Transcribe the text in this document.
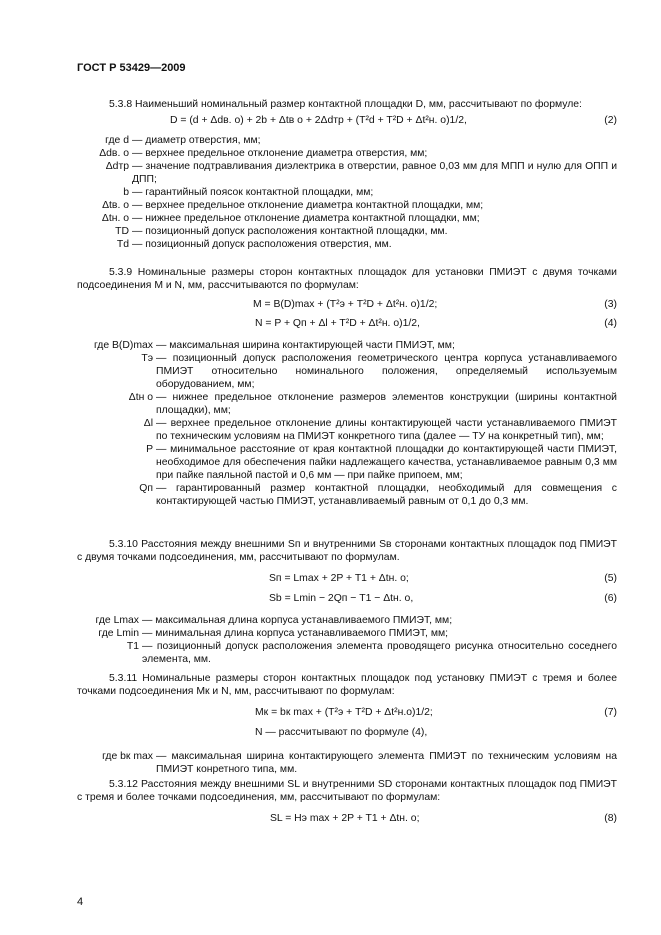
ГОСТ Р 53429—2009
5.3.8 Наименьший номинальный размер контактной площадки D, мм, рассчитывают по формуле:
D = (d + Δdв. о) + 2b + Δtв о + 2Δdтр + (T²d + T²D + Δt²н. о)1/2,	(2)
где d — диаметр отверстия, мм;
Δdв. о — верхнее предельное отклонение диаметра отверстия, мм;
Δdтр — значение подтравливания диэлектрика в отверстии, равное 0,03 мм для МПП и нулю для ОПП и ДПП;
b — гарантийный поясок контактной площадки, мм;
Δtв. о — верхнее предельное отклонение диаметра контактной площадки, мм;
Δtн. о — нижнее предельное отклонение диаметра контактной площадки, мм;
TD — позиционный допуск расположения контактной площадки, мм.
Td — позиционный допуск расположения отверстия, мм.
5.3.9 Номинальные размеры сторон контактных площадок для установки ПМИЭТ с двумя точками подсоединения M и N, мм, рассчитываются по формулам:
M = B(D)max + (T²э + T²D + Δt²н. о)1/2;	(3)
N = P + Qп + Δl + T²D + Δt²н. о)1/2,	(4)
где B(D)max — максимальная ширина контактирующей части ПМИЭТ, мм;
Tэ — позиционный допуск расположения геометрического центра корпуса устанавливаемого ПМИЭТ относительно номинального положения, определяемый используемым оборудованием, мм;
Δtн о — нижнее предельное отклонение размеров элементов конструкции (ширины контактной площадки), мм;
Δl — верхнее предельное отклонение длины контактирующей части устанавливаемого ПМИЭТ по техническим условиям на ПМИЭТ конкретного типа (далее — ТУ на конкретный тип), мм;
P — минимальное расстояние от края контактной площадки до контактирующей части ПМИЭТ, необходимое для обеспечения пайки надлежащего качества, устанавливаемое равным 0,3 мм при пайке паяльной пастой и 0,6 мм — при пайке припоем, мм;
Qп — гарантированный размер контактной площадки, необходимый для совмещения с контактирующей частью ПМИЭТ, устанавливаемый равным от 0,1 до 0,3 мм.
5.3.10 Расстояния между внешними Sп и внутренними Sв сторонами контактных площадок под ПМИЭТ с двумя точками подсоединения, мм, рассчитывают по формулам.
Sп = Lmax + 2P + T1 + Δtн. о;	(5)
Sb = Lmin − 2Qп − T1 − Δtн. о,	(6)
где Lmax — максимальная длина корпуса устанавливаемого ПМИЭТ, мм;
где Lmin — минимальная длина корпуса устанавливаемого ПМИЭТ, мм;
T1 — позиционный допуск расположения элемента проводящего рисунка относительно соседнего элемента, мм.
5.3.11 Номинальные размеры сторон контактных площадок под установку ПМИЭТ с тремя и более точками подсоединения Mк и N, мм, рассчитывают по формулам:
Mк = bк max + (T²э + T²D + Δt²н.о)1/2;	(7)
N — рассчитывают по формуле (4),
где bк max — максимальная ширина контактирующего элемента ПМИЭТ по техническим условиям на ПМИЭТ конретного типа, мм.
5.3.12 Расстояния между внешними SL и внутренними SD сторонами контактных площадок под ПМИЭТ с тремя и более точками подсоединения, мм, рассчитывают по формулам:
SL = Hэ max + 2P + T1 + Δtн. о;	(8)
4
